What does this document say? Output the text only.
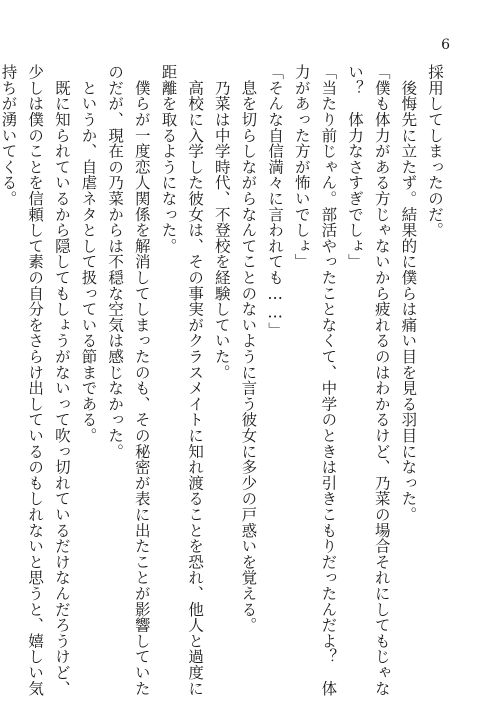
6
採用してしまったのだ。
　後悔先に立たず。結果的に僕らは痛い目を見る羽目になった。
「僕も体力がある方じゃないから疲れるのはわかるけど、乃菜の場合それにしてもじゃな
い？　体力なさすぎでしょ」
「当たり前じゃん。部活やったことなくて、中学のときは引きこもりだったんだよ？　体
力があった方が怖いでしょ」
「そんな自信満々に言われても……」
　息を切らしながらなんてことのないように言う彼女に多少の戸惑いを覚える。
　乃菜は中学時代、不登校を経験していた。
　高校に入学した彼女は、その事実がクラスメイトに知れ渡ることを恐れ、他人と過度に
距離を取るようになった。
　僕らが一度恋人関係を解消してしまったのも、その秘密が表に出たことが影響していた
のだが、現在の乃菜からは不穏な空気は感じなかった。
　というか、自虐ネタとして扱っている節まである。
　既に知られているから隠してもしょうがないって吹っ切れているだけなんだろうけど、
少しは僕のことを信頼して素の自分をさらけ出しているのもしれないと思うと、嬉しい気
持ちが湧いてくる。
